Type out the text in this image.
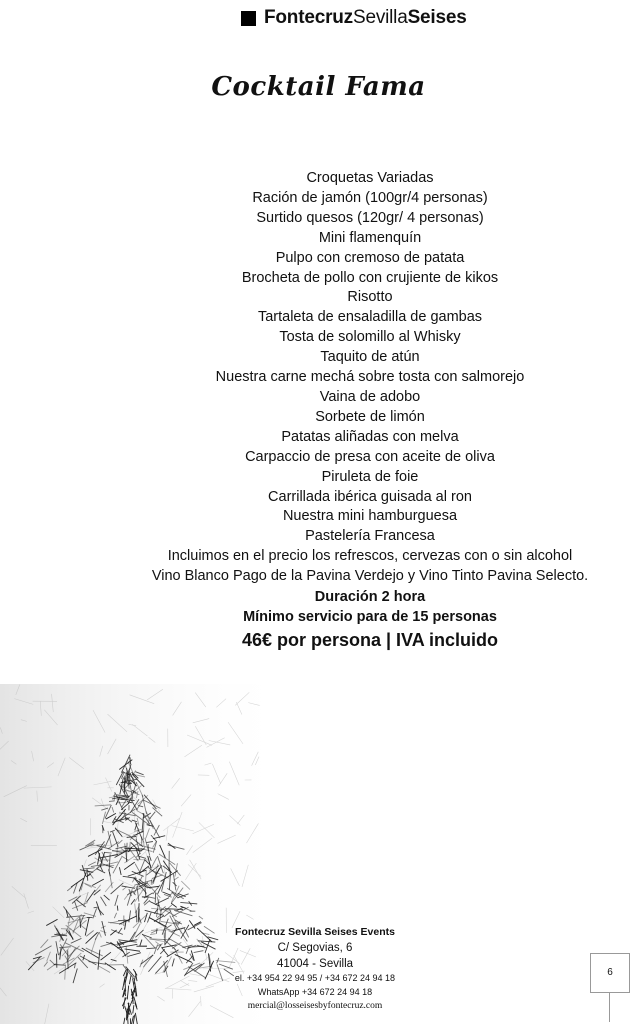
Fontecruz Sevilla Seises
Cocktail Fama
Croquetas Variadas
Ración de jamón (100gr/4 personas)
Surtido quesos (120gr/ 4 personas)
Mini flamenquín
Pulpo con cremoso de patata
Brocheta de pollo con crujiente de kikos
Risotto
Tartaleta de ensaladilla de gambas
Tosta de solomillo al Whisky
Taquito de atún
Nuestra carne mechá sobre tosta con salmorejo
Vaina de adobo
Sorbete de limón
Patatas aliñadas con melva
Carpaccio de presa con aceite de oliva
Piruleta de foie
Carrillada ibérica guisada al ron
Nuestra mini hamburguesa
Pastelería Francesa
Incluimos en el precio los refrescos, cervezas con o sin alcohol
Vino Blanco Pago de la Pavina Verdejo y Vino Tinto Pavina Selecto.
Duración 2 hora
Mínimo servicio para de 15 personas
46€ por persona | IVA incluido
Fontecruz Sevilla Seises Events
C/ Segovias, 6
41004 - Sevilla
el. +34 954 22 94 95 / +34 672 24 94 18
WhatsApp +34 672 24 94 18
mercial@losseisesbyfontecruz.com
6
